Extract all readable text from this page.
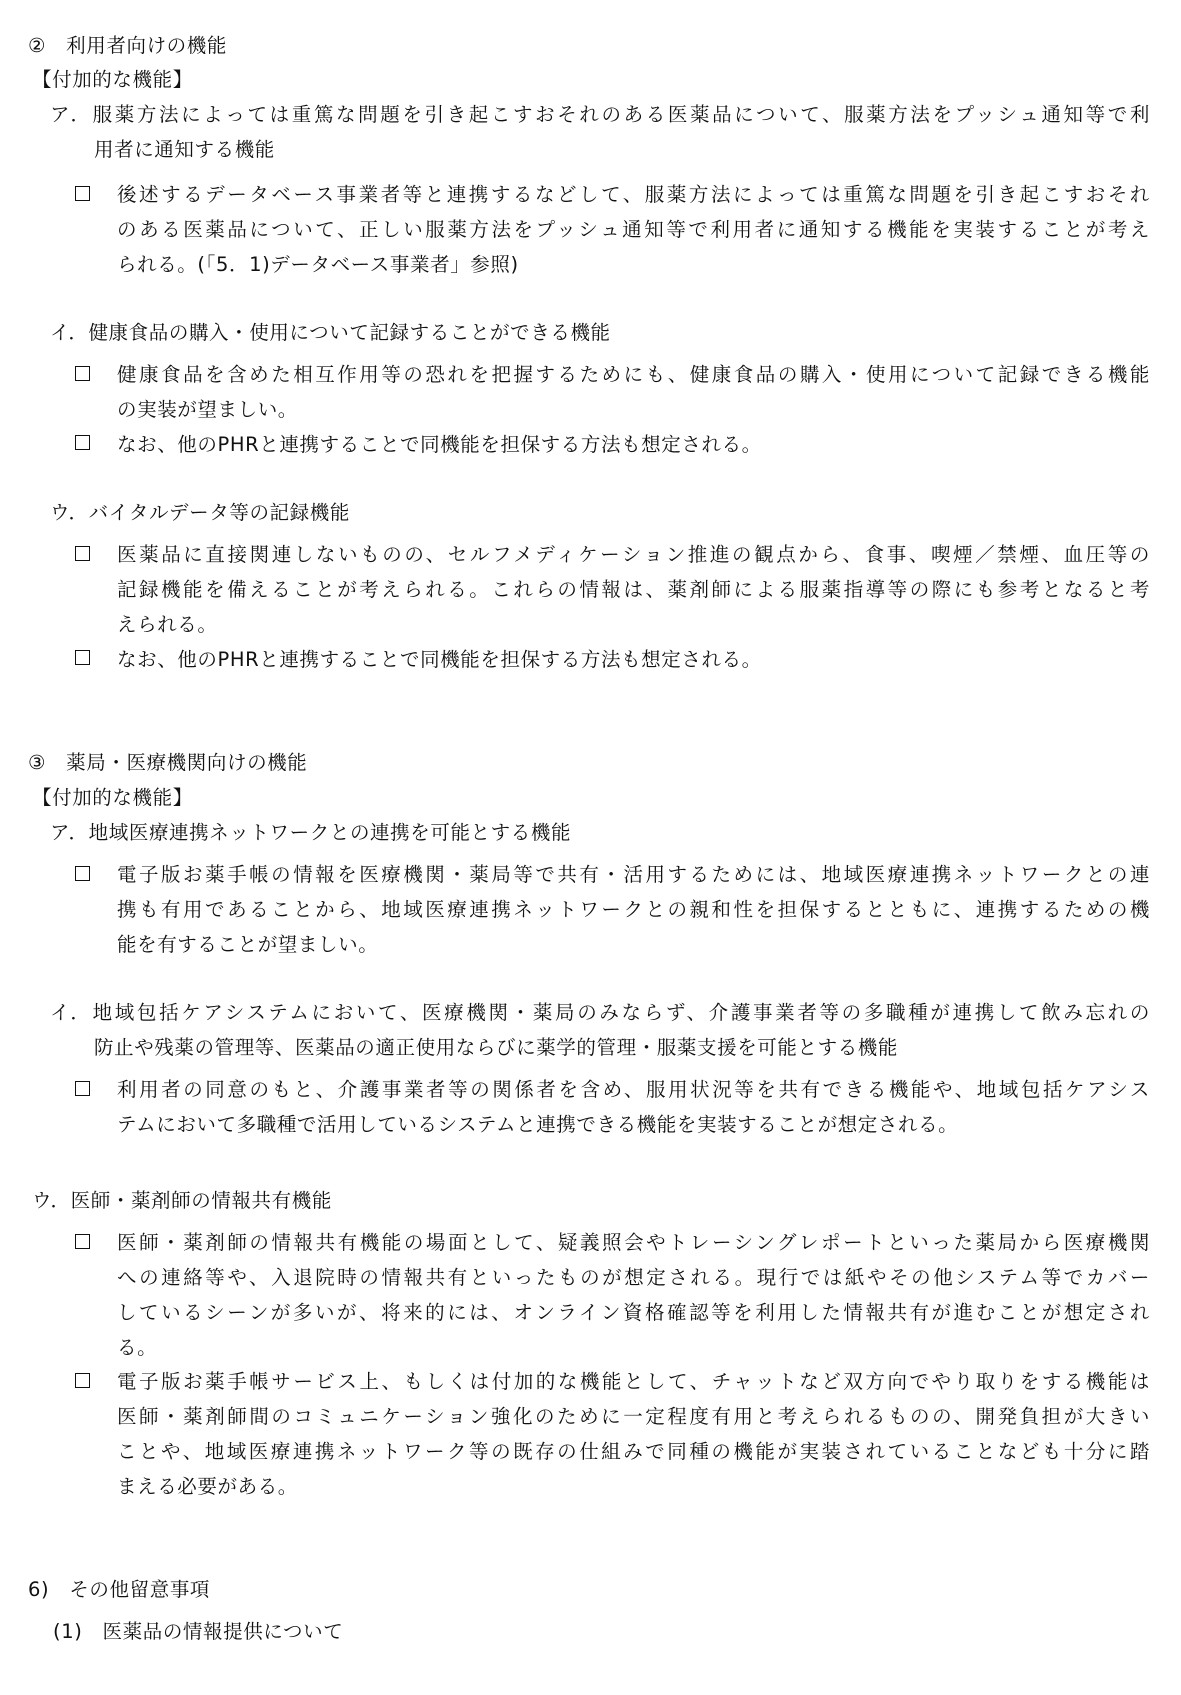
②　利用者向けの機能
【付加的な機能】
ア．服薬方法によっては重篤な問題を引き起こすおそれのある医薬品について、服薬方法をプッシュ通知等で利
用者に通知する機能
後述するデータベース事業者等と連携するなどして、服薬方法によっては重篤な問題を引き起こすおそれ
のある医薬品について、正しい服薬方法をプッシュ通知等で利用者に通知する機能を実装することが考え
られる。(「5．1)データベース事業者」参照)
イ．健康食品の購入・使用について記録することができる機能
健康食品を含めた相互作用等の恐れを把握するためにも、健康食品の購入・使用について記録できる機能
の実装が望ましい。
なお、他のPHRと連携することで同機能を担保する方法も想定される。
ウ．バイタルデータ等の記録機能
医薬品に直接関連しないものの、セルフメディケーション推進の観点から、食事、喫煙／禁煙、血圧等の
記録機能を備えることが考えられる。これらの情報は、薬剤師による服薬指導等の際にも参考となると考
えられる。
なお、他のPHRと連携することで同機能を担保する方法も想定される。
③　薬局・医療機関向けの機能
【付加的な機能】
ア．地域医療連携ネットワークとの連携を可能とする機能
電子版お薬手帳の情報を医療機関・薬局等で共有・活用するためには、地域医療連携ネットワークとの連
携も有用であることから、地域医療連携ネットワークとの親和性を担保するとともに、連携するための機
能を有することが望ましい。
イ．地域包括ケアシステムにおいて、医療機関・薬局のみならず、介護事業者等の多職種が連携して飲み忘れの
防止や残薬の管理等、医薬品の適正使用ならびに薬学的管理・服薬支援を可能とする機能
利用者の同意のもと、介護事業者等の関係者を含め、服用状況等を共有できる機能や、地域包括ケアシス
テムにおいて多職種で活用しているシステムと連携できる機能を実装することが想定される。
ウ．医師・薬剤師の情報共有機能
医師・薬剤師の情報共有機能の場面として、疑義照会やトレーシングレポートといった薬局から医療機関
への連絡等や、入退院時の情報共有といったものが想定される。現行では紙やその他システム等でカバー
しているシーンが多いが、将来的には、オンライン資格確認等を利用した情報共有が進むことが想定され
る。
電子版お薬手帳サービス上、もしくは付加的な機能として、チャットなど双方向でやり取りをする機能は
医師・薬剤師間のコミュニケーション強化のために一定程度有用と考えられるものの、開発負担が大きい
ことや、地域医療連携ネットワーク等の既存の仕組みで同種の機能が実装されていることなども十分に踏
まえる必要がある。
6)　その他留意事項
(1)　医薬品の情報提供について
